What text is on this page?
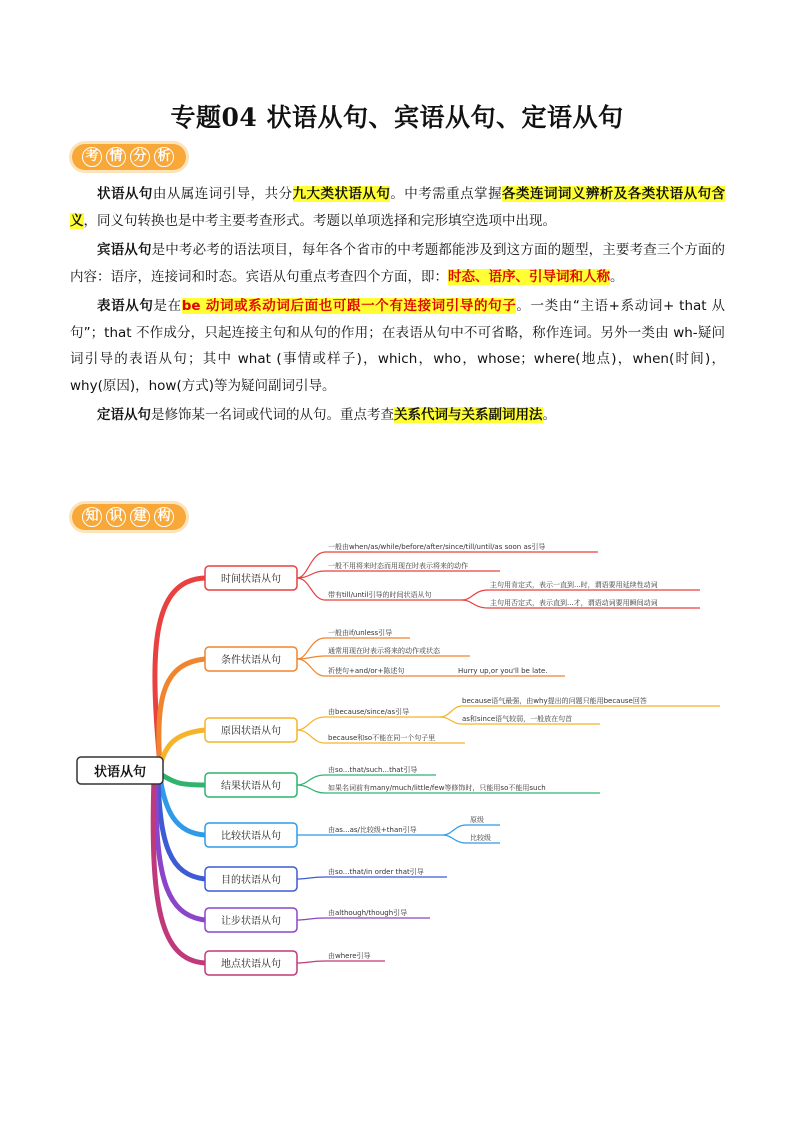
专题04 状语从句、宾语从句、定语从句
考 情 分 析

状语从句由从属连词引导，共分九大类状语从句。中考需重点掌握各类连词词义辨析及各类状语从句含义，同义句转换也是中考主要考查形式。考题以单项选择和完形填空选项中出现。

宾语从句是中考必考的语法项目，每年各个省市的中考题都能涉及到这方面的题型，主要考查三个方面的内容：语序，连接词和时态。宾语从句重点考查四个方面，即：时态、语序、引导词和人称。

表语从句是在be 动词或系动词后面也可跟一个有连接词引导的句子。一类由“主语+系动词+ that 从句”；that 不作成分，只起连接主句和从句的作用；在表语从句中不可省略，称作连词。另外一类由 wh-疑问词引导的表语从句；其中 what (事情或样子)，which，who，whose；where(地点)，when(时间)，why(原因)，how(方式)等为疑问副词引导。

定语从句是修饰某一名词或代词的从句。重点考查关系代词与关系副词用法。

知 识 建 构
状语从句
时间状语从句
条件状语从句
原因状语从句
结果状语从句
比较状语从句
目的状语从句
让步状语从句
地点状语从句
一般由when/as/while/before/after/since/till/until/as soon as引导
一般不用将来时态而用现在时表示将来的动作
带有till/until引导的时间状语从句
主句用肯定式，表示一直到...时，谓语要用延续性动词
主句用否定式，表示直到...才，谓语动词要用瞬间动词
一般由if/unless引导
通常用现在时表示将来的动作或状态
祈使句+and/or+陈述句	Hurry up,or you'll be late.
由because/since/as引导
because语气最强，由why提出的问题只能用because回答
as和since语气较弱，一般放在句首
because和so不能在同一个句子里
由so...that/such...that引导
如果名词前有many/much/little/few等修饰时，只能用so不能用such
由as...as/比较级+than引导
原级
比较级
由so...that/in order that引导
由although/though引导
由where引导
